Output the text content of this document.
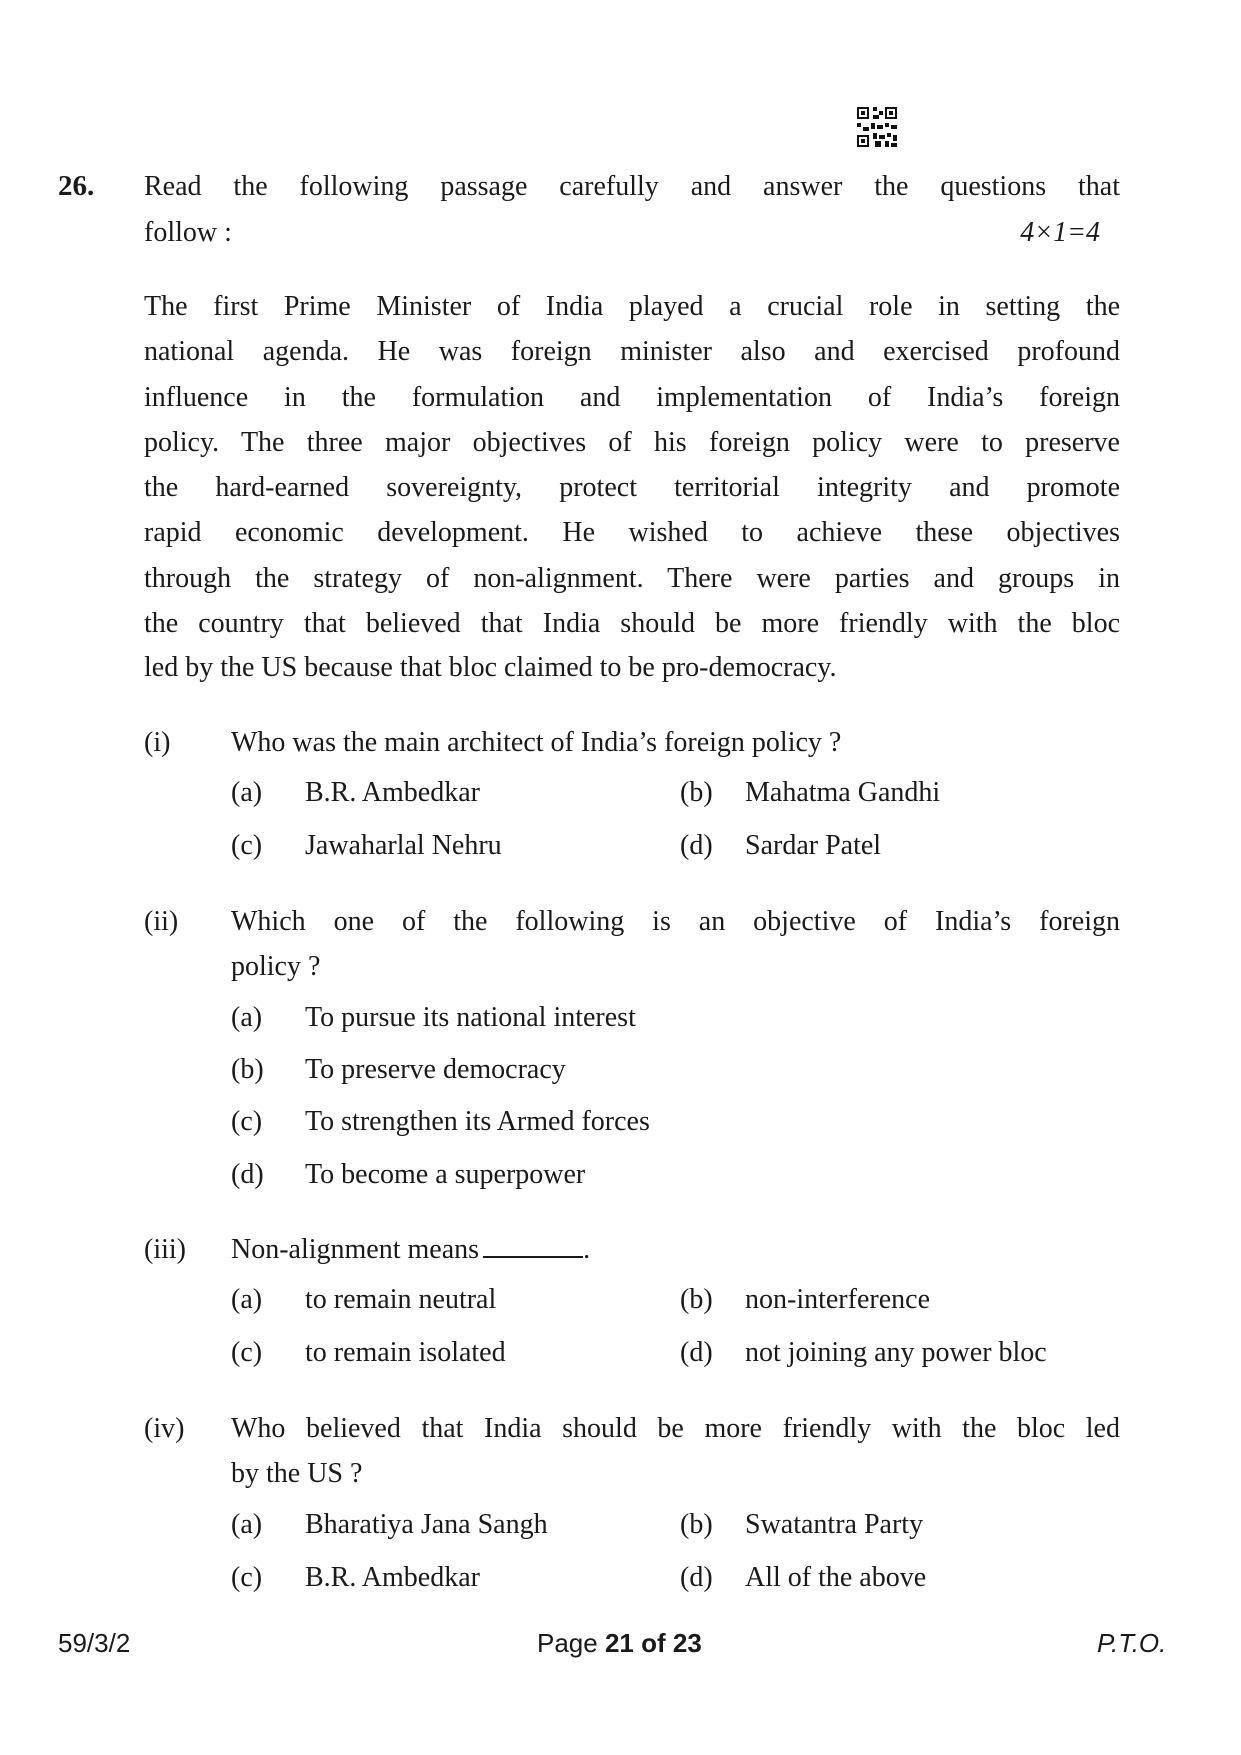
26. Read the following passage carefully and answer the questions that
follow :	4×1=4
The first Prime Minister of India played a crucial role in setting the
national agenda. He was foreign minister also and exercised profound
influence in the formulation and implementation of India’s foreign
policy. The three major objectives of his foreign policy were to preserve
the hard-earned sovereignty, protect territorial integrity and promote
rapid economic development. He wished to achieve these objectives
through the strategy of non-alignment. There were parties and groups in
the country that believed that India should be more friendly with the bloc
led by the US because that bloc claimed to be pro-democracy.
(i) Who was the main architect of India’s foreign policy ?
(a) B.R. Ambedkar	(b) Mahatma Gandhi
(c) Jawaharlal Nehru	(d) Sardar Patel
(ii) Which one of the following is an objective of India’s foreign
policy ?
(a) To pursue its national interest
(b) To preserve democracy
(c) To strengthen its Armed forces
(d) To become a superpower
(iii) Non-alignment means	.
(a) to remain neutral	(b) non-interference
(c) to remain isolated	(d) not joining any power bloc
(iv) Who believed that India should be more friendly with the bloc led
by the US ?
(a) Bharatiya Jana Sangh	(b) Swatantra Party
(c) B.R. Ambedkar	(d) All of the above
59/3/2	Page 21 of 23	P.T.O.
